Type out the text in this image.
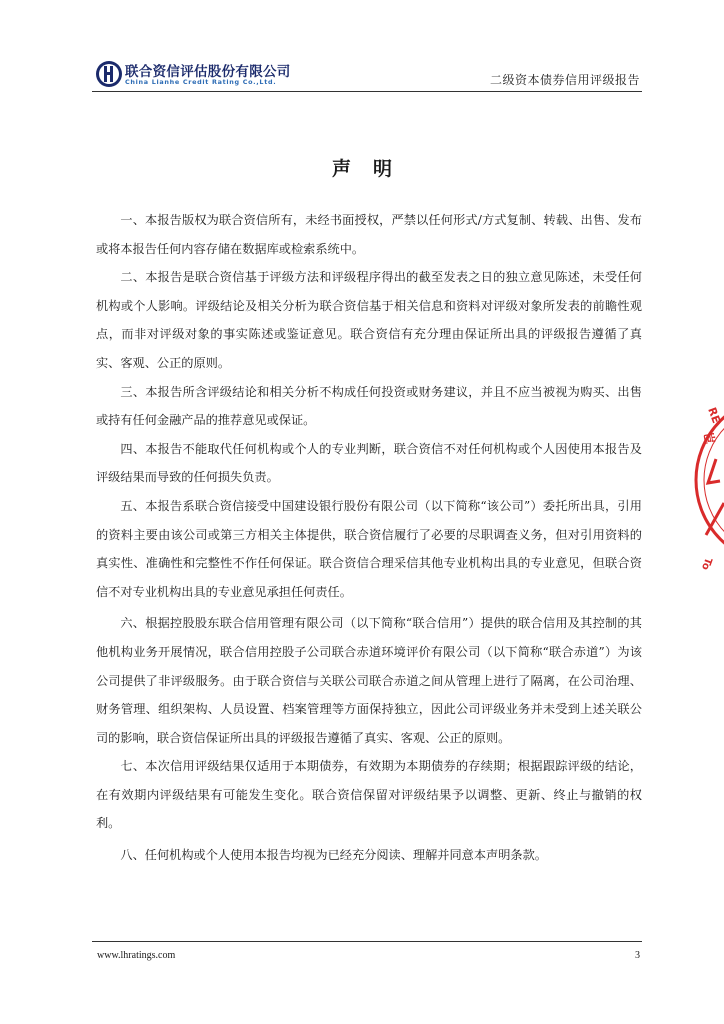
联合资信评估股份有限公司
China Lianhe Credit Rating Co.,Ltd.	二级资本债券信用评级报告
声明

一、本报告版权为联合资信所有，未经书面授权，严禁以任何形式/方式复制、转载、出售、发布或将本报告任何内容存储在数据库或检索系统中。

二、本报告是联合资信基于评级方法和评级程序得出的截至发表之日的独立意见陈述，未受任何机构或个人影响。评级结论及相关分析为联合资信基于相关信息和资料对评级对象所发表的前瞻性观点，而非对评级对象的事实陈述或鉴证意见。联合资信有充分理由保证所出具的评级报告遵循了真实、客观、公正的原则。

三、本报告所含评级结论和相关分析不构成任何投资或财务建议，并且不应当被视为购买、出售或持有任何金融产品的推荐意见或保证。

四、本报告不能取代任何机构或个人的专业判断，联合资信不对任何机构或个人因使用本报告及评级结果而导致的任何损失负责。

五、本报告系联合资信接受中国建设银行股份有限公司（以下简称“该公司”）委托所出具，引用的资料主要由该公司或第三方相关主体提供，联合资信履行了必要的尽职调查义务，但对引用资料的真实性、准确性和完整性不作任何保证。联合资信合理采信其他专业机构出具的专业意见，但联合资信不对专业机构出具的专业意见承担任何责任。

六、根据控股股东联合信用管理有限公司（以下简称“联合信用”）提供的联合信用及其控制的其他机构业务开展情况，联合信用控股子公司联合赤道环境评价有限公司（以下简称“联合赤道”）为该公司提供了非评级服务。由于联合资信与关联公司联合赤道之间从管理上进行了隔离，在公司治理、财务管理、组织架构、人员设置、档案管理等方面保持独立，因此公司评级业务并未受到上述关联公司的影响，联合资信保证所出具的评级报告遵循了真实、客观、公正的原则。

七、本次信用评级结果仅适用于本期债券，有效期为本期债券的存续期；根据跟踪评级的结论，在有效期内评级结果有可能发生变化。联合资信保留对评级结果予以调整、更新、终止与撤销的权利。

八、任何机构或个人使用本报告均视为已经充分阅读、理解并同意本声明条款。

RE
岂
To
www.lhratings.com	3
